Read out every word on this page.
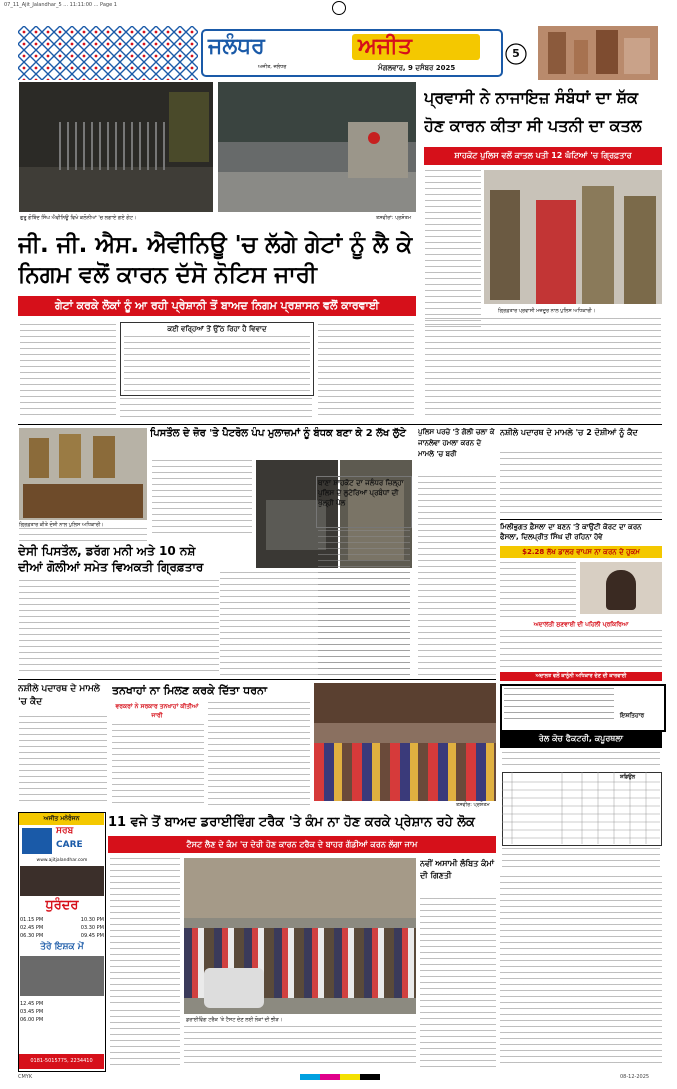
07_11_Ajit_Jalandhar_5 ... 11:11:00 ... Page 1
ਜਲੰਧਰ	ਅਜੀਤ
ਅਜੀਤ, ਜਲੰਧਰ	ਮੰਗਲਵਾਰ, 9 ਦਸੰਬਰ 2025
5
ਗੁਰੂ ਗੋਬਿੰਦ ਸਿੰਘ ਐਵੀਨਿਊ ਵਿਖੇ ਕਲੋਨੀਆਂ 'ਚ ਲਗਾਏ ਗਏ ਗੇਟ।	ਤਸਵੀਰਾਂ: ਪ੍ਰਸ਼ੋਤਮ
ਜੀ. ਜੀ. ਐਸ. ਐਵੀਨਿਊ 'ਚ ਲੱਗੇ ਗੇਟਾਂ ਨੂੰ ਲੈ ਕੇ ਨਿਗਮ ਵਲੋਂ ਕਾਰਨ ਦੱਸੋ ਨੋਟਿਸ ਜਾਰੀ
ਗੇਟਾਂ ਕਰਕੇ ਲੋਕਾਂ ਨੂੰ ਆ ਰਹੀ ਪ੍ਰੇਸ਼ਾਨੀ ਤੋਂ ਬਾਅਦ ਨਿਗਮ ਪ੍ਰਸ਼ਾਸਨ ਵਲੋਂ ਕਾਰਵਾਈ
ਕਈ ਵਰ੍ਹਿਆਂ ਤੋਂ ਉੱਠ ਰਿਹਾ ਹੈ ਵਿਵਾਦ
ਪ੍ਰਵਾਸੀ ਨੇ ਨਾਜਾਇਜ਼ ਸੰਬੰਧਾਂ ਦਾ ਸ਼ੱਕ ਹੋਣ ਕਾਰਨ ਕੀਤਾ ਸੀ ਪਤਨੀ ਦਾ ਕਤਲ
ਸ਼ਾਹਕੋਟ ਪੁਲਿਸ ਵਲੋਂ ਕਾਤਲ ਪਤੀ 12 ਘੰਟਿਆਂ 'ਚ ਗ੍ਰਿਫ਼ਤਾਰ
ਗ੍ਰਿਫ਼ਤਾਰ ਪ੍ਰਵਾਸੀ ਮਜ਼ਦੂਰ ਨਾਲ ਪੁਲਿਸ ਅਧਿਕਾਰੀ।
ਗ੍ਰਿਫ਼ਤਾਰ ਕੀਤੇ ਦੋਸ਼ੀ ਨਾਲ ਪੁਲਿਸ ਅਧਿਕਾਰੀ।
ਦੇਸੀ ਪਿਸਤੌਲ, ਡਰੱਗ ਮਨੀ ਅਤੇ 10 ਨਸ਼ੇ ਦੀਆਂ ਗੋਲੀਆਂ ਸਮੇਤ ਵਿਅਕਤੀ ਗ੍ਰਿਫ਼ਤਾਰ
ਪਿਸਤੌਲ ਦੇ ਜ਼ੋਰ 'ਤੇ ਪੈਟਰੋਲ ਪੰਪ ਮੁਲਾਜ਼ਮਾਂ ਨੂੰ ਬੰਧਕ ਬਣਾ ਕੇ 2 ਲੱਖ ਲੁੱਟੇ
ਥਾਣਾ ਸ਼ਾਹਕੋਟ ਦਾ ਜਲੰਧਰ ਜ਼ਿਲ੍ਹਾ ਪੁਲਿਸ ਦੇ ਲੁਟੇਰਿਆਂ ਪ੍ਰਬੰਧਾਂ ਦੀ ਖੁੱਲ੍ਹੀ ਪੋਲ
ਪੁਲਿਸ ਪਰਚੇ 'ਤੇ ਗੋਲੀ ਚਲਾ ਕੇ ਜਾਨਲੇਵਾ ਹਮਲਾ ਕਰਨ ਦੇ ਮਾਮਲੇ 'ਚ ਬਰੀ
ਨਸ਼ੀਲੇ ਪਦਾਰਥ ਦੇ ਮਾਮਲੇ 'ਚ 2 ਦੋਸ਼ੀਆਂ ਨੂੰ ਕੈਦ
ਮਿਲੀਭੁਗਤ ਫ਼ੈਸਲਾ ਦਾ ਬਣਨ 'ਤੇ ਕਾਉਂਟੀ ਕੋਰਟ ਦਾ ਕਰਨ ਫੈਸਲਾ, ਦਿਲਪ੍ਰੀਤ ਸਿੰਘ ਦੀ ਰਹਿਨਾ ਹੋਵੇ
$2.28 ਲੱਖ ਡਾਲਰ ਵਾਪਸ ਨਾ ਕਰਨ ਦੇ ਹੁਕਮ
ਅਦਾਲਤੀ ਸੁਣਵਾਈ ਦੀ ਪਹਿਲੀ ਪ੍ਰਕਿਰਿਆ
ਅਦਾਲਤ ਵਲੋਂ ਕਾਨੂੰਨੀ ਅਧਿਕਾਰ ਦੇਣ ਦੀ ਕਾਰਵਾਈ
ਇਸ਼ਤਿਹਾਰ
ਰੇਲ ਕੋਚ ਫੈਕਟਰੀ, ਕਪੂਰਥਲਾ
ਸ਼ਡਿਊਲ
ਨਸ਼ੀਲੇ ਪਦਾਰਥ ਦੇ ਮਾਮਲੇ 'ਚ ਕੈਦ
ਤਨਖਾਹਾਂ ਨਾ ਮਿਲਣ ਕਰਕੇ ਦਿੱਤਾ ਧਰਨਾ
ਵਰਕਰਾਂ ਨੇ ਸਰਕਾਰ ਤਨਖਾਹਾਂ ਕੀਤੀਆਂ ਜਾਰੀ
ਤਸਵੀਰ: ਪ੍ਰਸ਼ੋਤਮ
ਅਜੀਤ ਮਨੋਰੰਜਨ
ਸਰਬ
CARE
www.ajitjalandhar.com
ਧੁਰੰਦਰ
01.15 PM	10.30 PM
02.45 PM	03.30 PM
06.30 PM	09.45 PM
ਤੇਰੇ ਇਸ਼ਕ ਮੇਂ
12.45 PM
03.45 PM
06.00 PM
0181-5015775, 2234410
11 ਵਜੇ ਤੋਂ ਬਾਅਦ ਡਰਾਈਵਿੰਗ ਟਰੈਕ 'ਤੇ ਕੰਮ ਨਾ ਹੋਣ ਕਰਕੇ ਪ੍ਰੇਸ਼ਾਨ ਰਹੇ ਲੋਕ
ਟੈਸਟ ਲੈਣ ਦੇ ਕੰਮ 'ਚ ਦੇਰੀ ਹੋਣ ਕਾਰਨ ਟਰੈਕ ਦੇ ਬਾਹਰ ਗੱਡੀਆਂ ਕਰਨ ਲੱਗਾ ਜਾਮ
ਡਰਾਈਵਿੰਗ ਟਰੈਕ 'ਤੇ ਟੈਸਟ ਦੇਣ ਲਈ ਲੋਕਾਂ ਦੀ ਭੀੜ।
ਨਵੀਂ ਅਸਾਮੀ ਲੰਬਿਤ ਕੰਮਾਂ ਦੀ ਗਿਣਤੀ
CMYK	08-12-2025
